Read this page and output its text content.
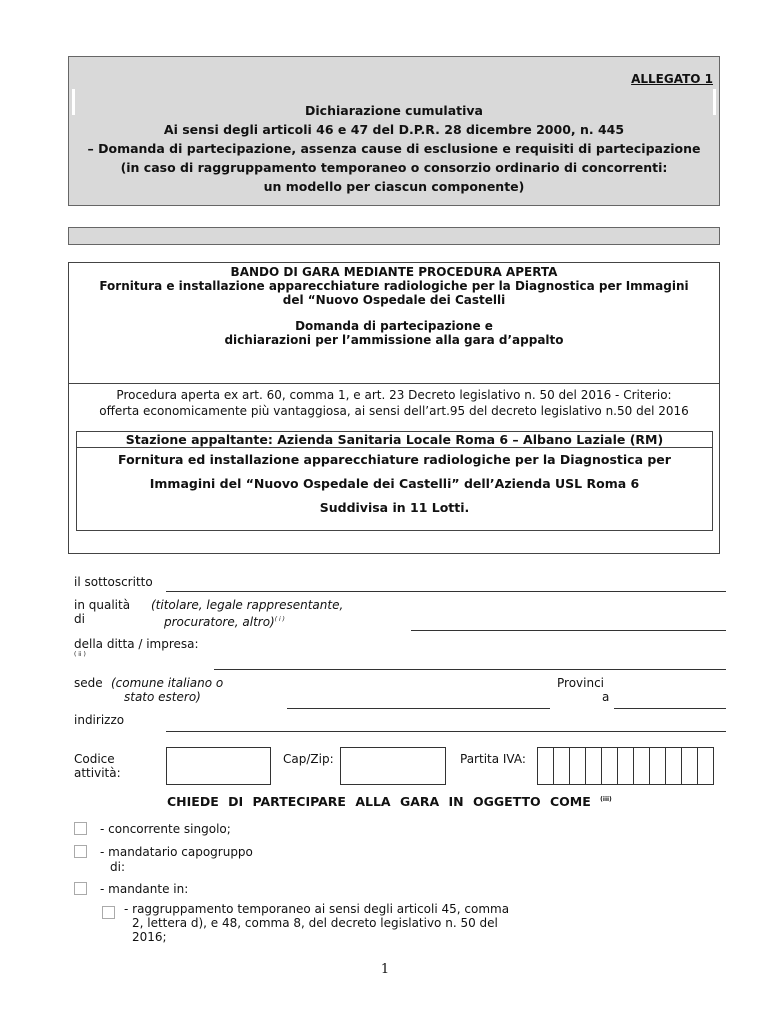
ALLEGATO 1
Dichiarazione cumulativa
Ai sensi degli articoli 46 e 47 del D.P.R. 28 dicembre 2000, n. 445
– Domanda di partecipazione, assenza cause di esclusione e requisiti di partecipazione
(in caso di raggruppamento temporaneo o consorzio ordinario di concorrenti:
un modello per ciascun componente)
BANDO DI GARA MEDIANTE PROCEDURA APERTA
Fornitura e installazione apparecchiature radiologiche per la Diagnostica per Immagini
del “Nuovo Ospedale dei Castelli
Domanda di partecipazione e
dichiarazioni per l’ammissione alla gara d’appalto
Procedura aperta ex art. 60, comma 1, e art. 23 Decreto legislativo n. 50 del 2016 - Criterio:
offerta economicamente più vantaggiosa, ai sensi dell’art.95 del decreto legislativo n.50 del 2016
Stazione appaltante: Azienda Sanitaria Locale Roma 6 – Albano Laziale (RM)
Fornitura ed installazione apparecchiature radiologiche per la Diagnostica per
Immagini del “Nuovo Ospedale dei Castelli” dell’Azienda USL Roma 6
Suddivisa in 11 Lotti.
il sottoscritto
in qualità
di
(titolare, legale rappresentante,
procuratore, altro)$^{( i )}$
della ditta / impresa:
( ii )
sede (comune italiano o
stato estero)
Provinci
a
indirizzo
Codice
attività:
Cap/Zip:	Partita IVA:
CHIEDE DI PARTECIPARE ALLA GARA IN OGGETTO COME $^{(iii)}$
- concorrente singolo;
- mandatario capogruppo
di:
- mandante in:
- raggruppamento temporaneo ai sensi degli articoli 45, comma
2, lettera d), e 48, comma 8, del decreto legislativo n. 50 del
2016;
1
